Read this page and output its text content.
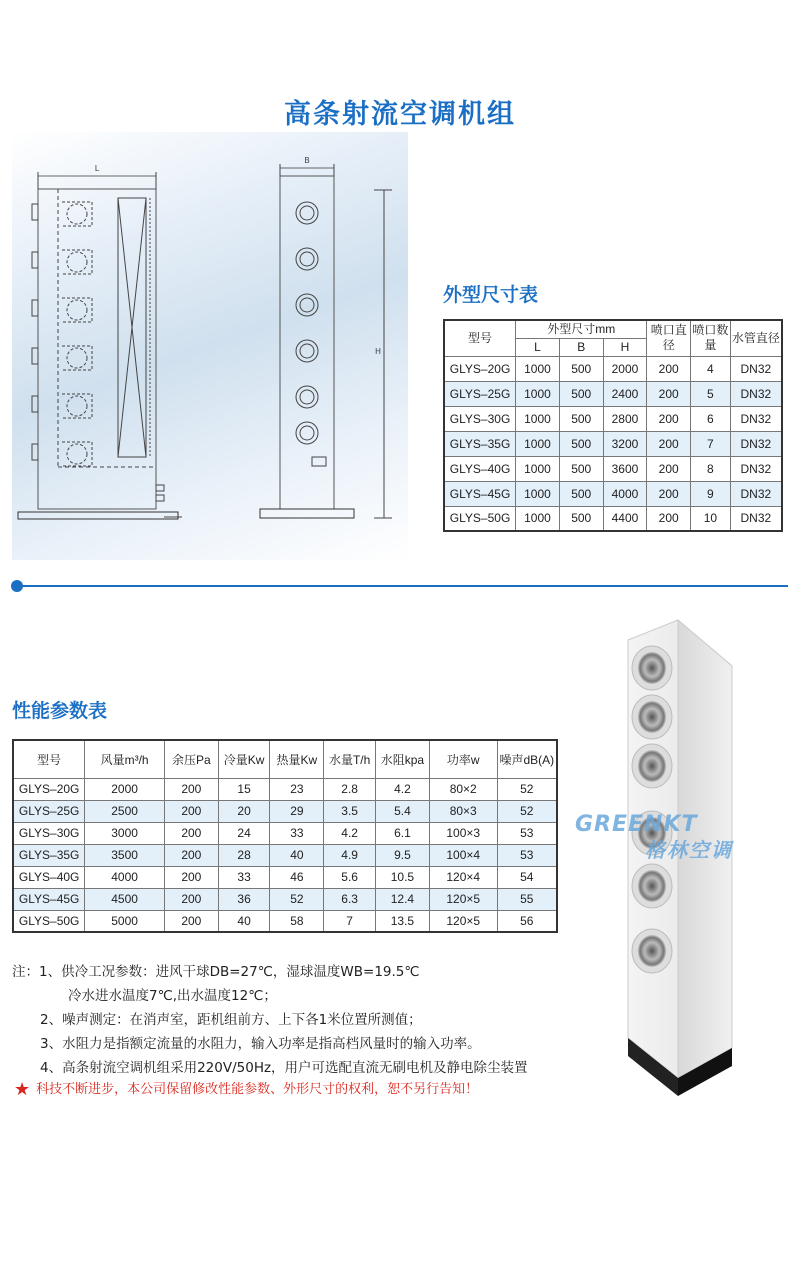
高条射流空调机组
L
B
H
外型尺寸表
型号	外型尺寸mm			喷口直径	喷口数量	水管直径
	L	B	H			
GLYS–20G	1000	500	2000	200	4	DN32
GLYS–25G	1000	500	2400	200	5	DN32
GLYS–30G	1000	500	2800	200	6	DN32
GLYS–35G	1000	500	3200	200	7	DN32
GLYS–40G	1000	500	3600	200	8	DN32
GLYS–45G	1000	500	4000	200	9	DN32
GLYS–50G	1000	500	4400	200	10	DN32
性能参数表
型号	风量m³/h	余压Pa	冷量Kw	热量Kw	水量T/h	水阻kpa	功率w	噪声dB(A)
GLYS–20G	2000	200	15	23	2.8	4.2	80×2	52
GLYS–25G	2500	200	20	29	3.5	5.4	80×3	52
GLYS–30G	3000	200	24	33	4.2	6.1	100×3	53
GLYS–35G	3500	200	28	40	4.9	9.5	100×4	53
GLYS–40G	4000	200	33	46	5.6	10.5	120×4	54
GLYS–45G	4500	200	36	52	6.3	12.4	120×5	55
GLYS–50G	5000	200	40	58	7	13.5	120×5	56
注：1、供冷工况参数：进风干球DB=27℃，湿球温度WB=19.5℃
冷水进水温度7℃,出水温度12℃；
2、噪声测定：在消声室，距机组前方、上下各1米位置所测值；
3、水阻力是指额定流量的水阻力，输入功率是指高档风量时的输入功率。
4、高条射流空调机组采用220V/50Hz，用户可选配直流无刷电机及静电除尘装置
★ 科技不断进步，本公司保留修改性能参数、外形尺寸的权利，恕不另行告知！
GREENKT
格林空调
